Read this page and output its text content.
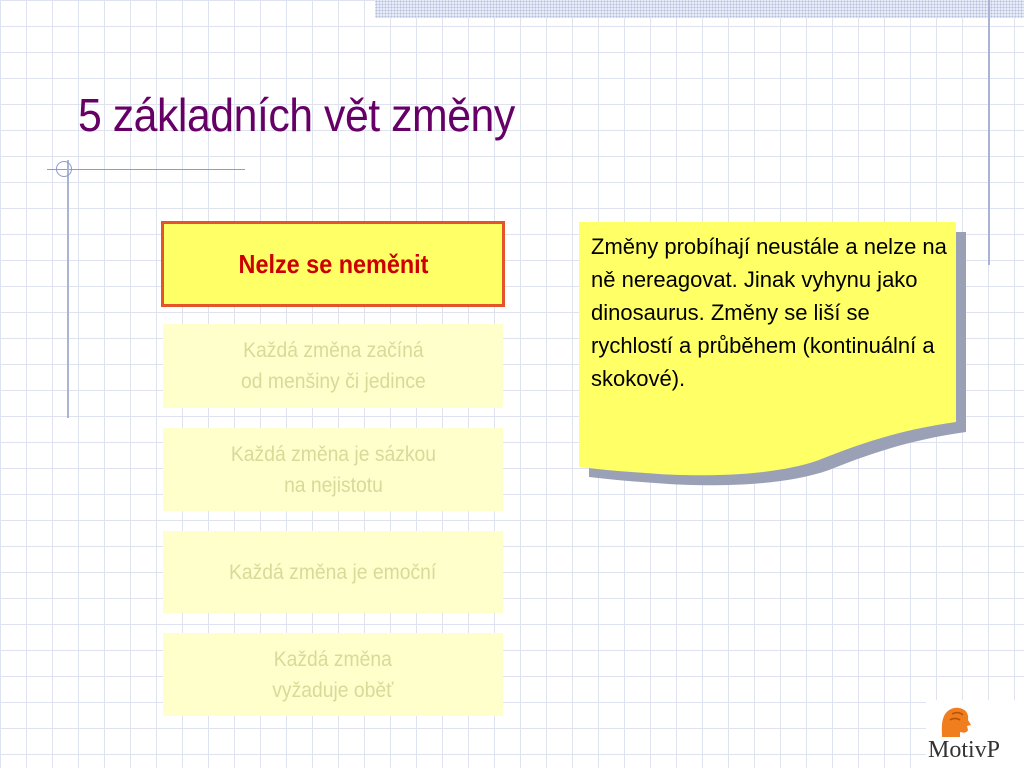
5 základních vět změny
Nelze se neměnit
Každá změna začíná
od menšiny či jedince
Každá změna je sázkou
na nejistotu
Každá změna je emoční
Každá změna
vyžaduje oběť

Změny probíhají neustále a nelze na ně nereagovat. Jinak vyhynu jako dinosaurus. Změny se liší se rychlostí a průběhem (kontinuální a skokové).

MotivP
